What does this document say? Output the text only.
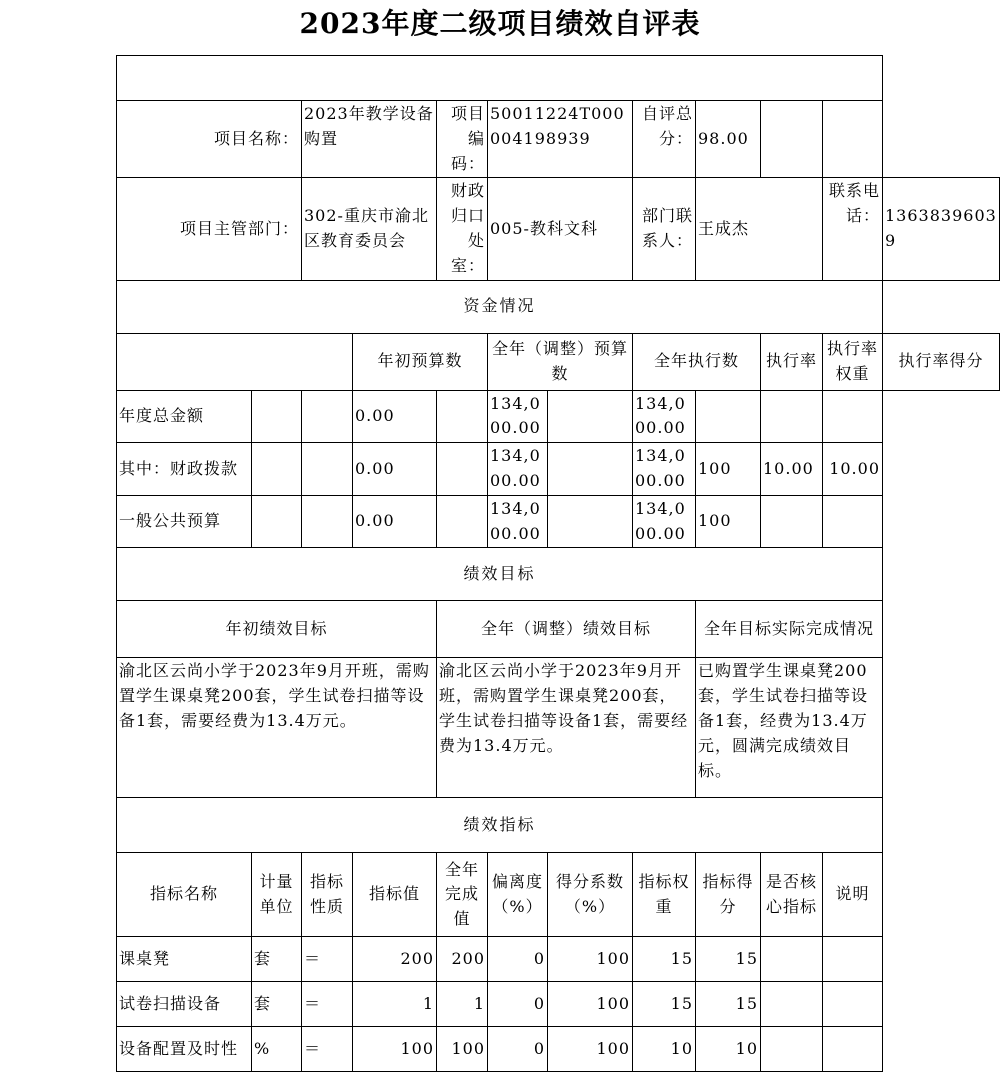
2023年度二级项目绩效自评表

项目名称：		2023年教学设备购置		项目编码：	50011224T000004198939		自评总分：	98.00			
项目主管部门：		302-重庆市渝北区教育委员会		财政归口处室：	005-教科文科		部门联系人：	王成杰		联系电话：	13638396039
资金情况											
			年初预算数		全年（调整）预算数		全年执行数		执行率	执行率权重	执行率得分
年度总金额			0.00		134,000.00		134,000.00				
其中：财政拨款			0.00		134,000.00		134,000.00	100	10.00	10.00	
一般公共预算			0.00		134,000.00		134,000.00	100			
绩效目标											
年初绩效目标				全年（调整）绩效目标				全年目标实际完成情况			
渝北区云尚小学于2023年9月开班，需购置学生课桌凳200套，学生试卷扫描等设备1套，需要经费为13.4万元。				渝北区云尚小学于2023年9月开班，需购置学生课桌凳200套，学生试卷扫描等设备1套，需要经费为13.4万元。				已购置学生课桌凳200套，学生试卷扫描等设备1套，经费为13.4万元，圆满完成绩效目标。			
绩效指标											
指标名称	计量单位	指标性质	指标值	全年完成值	偏离度（%）	得分系数（%）	指标权重	指标得分	是否核心指标	说明	
课桌凳	套	＝	200	200	0	100	15	15			
试卷扫描设备	套	＝	1	1	0	100	15	15			
设备配置及时性	%	＝	100	100	0	100	10	10			
